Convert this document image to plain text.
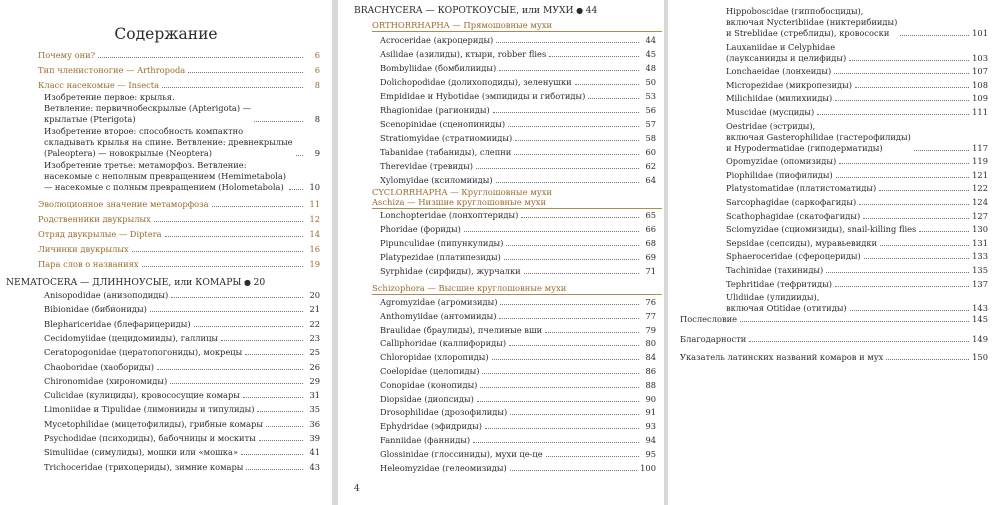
Содержание
Почему они?	6
Тип членистоногие — Arthropoda	6
Класс насекомые — Insecta	8
Изобретение первое: крылья.
Ветвление: первичнобескрылые (Apterigota) —
крылатые (Pterigota)	8
Изобретение второе: способность компактно
складывать крылья на спине. Ветвление: древнекрылые
(Paleoptera) — новокрылые (Neoptera)	9
Изобретение третье: метаморфоз. Ветвление:
насекомые с неполным превращением (Hemimetabola)
— насекомые с полным превращением (Holometabola)	10
Эволюционное значение метаморфоза	11
Родственники двукрылых	12
Отряд двукрылые — Diptera	14
Личинки двукрылых	16
Пара слов о названиях	19
NEMATOCERA — ДЛИННОУСЫЕ, или КОМАРЫ ● 20
Anisopodidae (анизоподиды)	20
Bibionidae (бибиониды)	21
Blephariceridae (блефарицериды)	22
Cecidomyiidae (цецидомииды), галлицы	23
Ceratopogonidae (цератопогониды), мокрецы	25
Chaoboridae (хаобориды)	26
Chironomidae (хирономиды)	29
Culicidae (кулициды), кровососущие комары	31
Limoniidae и Tipulidae (лимонииды и типулиды)	35
Mycetophilidae (мицетофилиды), грибные комары	36
Psychodidae (психодиды), бабочницы и москиты	39
Simuliidae (симулиды), мошки или «мошка»	41
Trichoceridae (трихоцериды), зимние комары	43
BRACHYCERA — КОРОТКОУСЫЕ, или МУХИ ● 44
ORTHORRHAPHA — Прямошовные мухи
Acroceridae (акроцериды)	44
Asilidae (азилиды), ктыри, robber flies	45
Bombyliidae (бомбилииды)	48
Dolichopodidae (долихоподиды), зеленушки	50
Empididae и Hybotidae (эмпидиды и гиботиды)	53
Rhagionidae (рагиониды)	56
Scenopinidae (сценопиниды)	57
Stratiomyidae (стратиомииды)	58
Tabanidae (табаниды), слепни	60
Therevidae (тревиды)	62
Xylomyidae (ксиломииды)	64
CYCLORRHAPHA — Круглошовные мухи
Aschiza — Низшие круглошовные мухи
Lonchopteridae (лонхоптериды)	65
Phoridae (фориды)	66
Pipunculidae (пипункулиды)	68
Platypezidae (платипезиды)	69
Syrphidae (сирфиды), журчалки	71
Schizophora — Высшие круглошовные мухи
Agromyzidae (агромизиды)	76
Anthomyiidae (антомииды)	77
Braulidae (браулиды), пчелиные вши	79
Calliphoridae (каллифориды)	80
Chloropidae (хлоропиды)	84
Coelopidae (целопиды)	86
Conopidae (конопиды)	88
Diopsidae (диопсиды)	90
Drosophilidae (дрозофилиды)	91
Ephydridae (эфидриды)	93
Fanniidae (фанниды)	94
Glossinidae (глоссиниды), мухи це-це	95
Heleomyzidae (гелеомизиды)	100
4
Hippoboscidae (гиппобосциды),
включая Nycteribiidae (никтерибииды)
и Streblidae (стреблиды), кровососки	101
Lauxaniidae и Celyphidae
(лауксанииды и целифиды)	103
Lonchaeidae (лонхеиды)	107
Micropezidae (микропезиды)	108
Milichiidae (милихииды)	109
Muscidae (мусциды)	111
Oestridae (эстриды),
включая Gasterophilidae (гастерофилиды)
и Hypodermatidae (гиподерматиды)	117
Opomyzidae (опомизиды)	119
Piophilidae (пиофилиды)	121
Platystomatidae (платистоматиды)	122
Sarcophagidae (саркофагиды)	124
Scathophagidae (скатофагиды)	127
Sciomyzidae (сциомизиды), snail-killing flies	130
Sepsidae (сепсиды), муравьевидки	131
Sphaeroceridae (сфероцериды)	133
Tachinidae (тахиниды)	135
Tephritidae (тефритиды)	137
Ulidiidae (улидииды),
включая Otitidae (отитиды)	143
Послесловие	145
Благодарности	149
Указатель латинских названий комаров и мух	150
